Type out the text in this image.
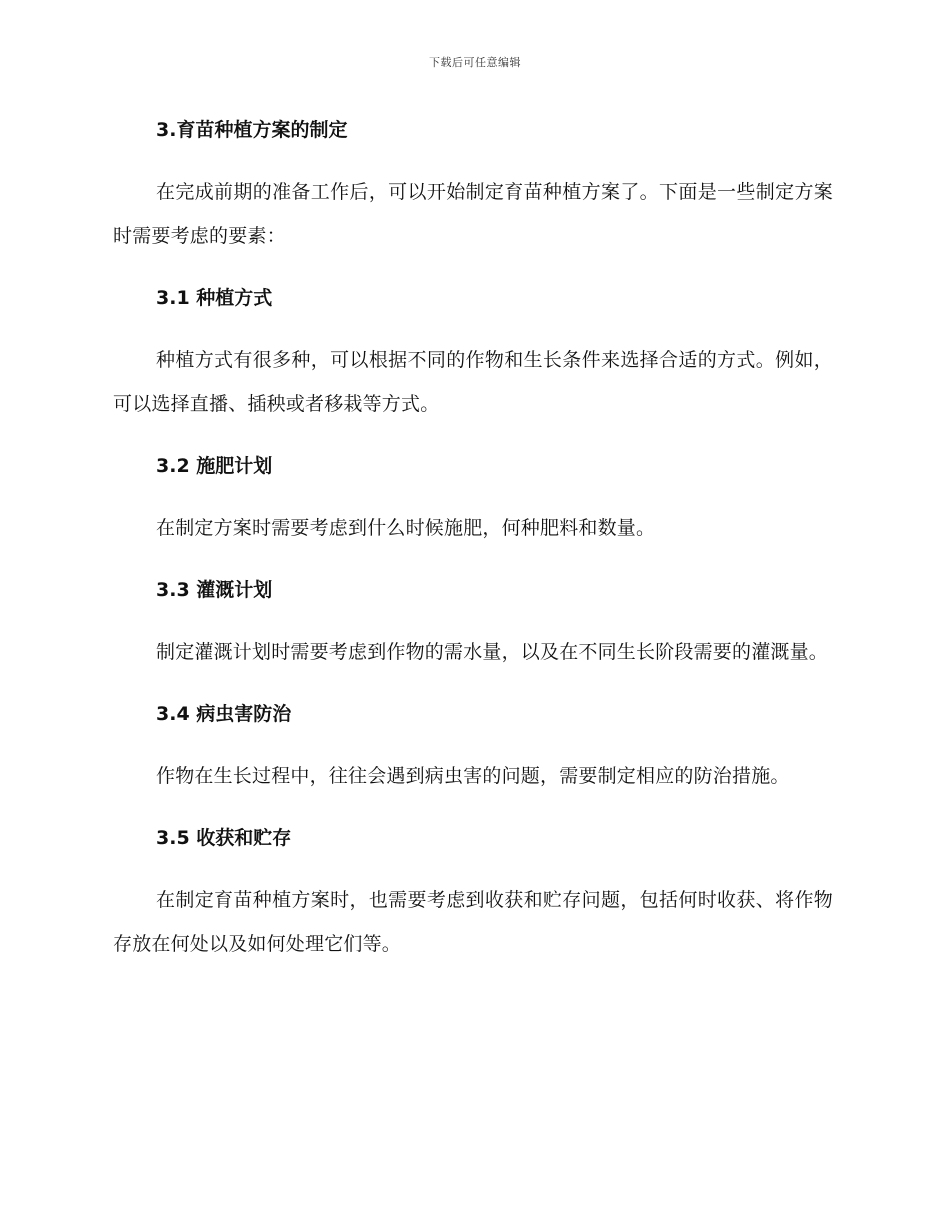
下载后可任意编辑
3.育苗种植方案的制定

在完成前期的准备工作后，可以开始制定育苗种植方案了。下面是一些制定方案时需要考虑的要素：

3.1 种植方式

种植方式有很多种，可以根据不同的作物和生长条件来选择合适的方式。例如，可以选择直播、插秧或者移栽等方式。

3.2 施肥计划

在制定方案时需要考虑到什么时候施肥，何种肥料和数量。

3.3 灌溉计划

制定灌溉计划时需要考虑到作物的需水量，以及在不同生长阶段需要的灌溉量。

3.4 病虫害防治

作物在生长过程中，往往会遇到病虫害的问题，需要制定相应的防治措施。

3.5 收获和贮存

在制定育苗种植方案时，也需要考虑到收获和贮存问题，包括何时收获、将作物存放在何处以及如何处理它们等。
